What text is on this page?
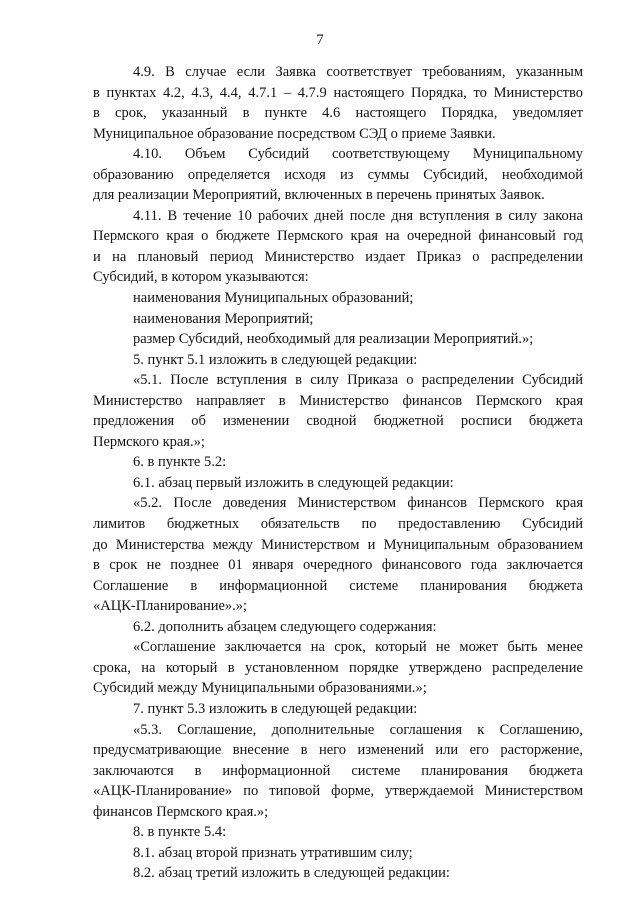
7
4.9. В случае если Заявка соответствует требованиям, указанным
в пунктах 4.2, 4.3, 4.4, 4.7.1 – 4.7.9 настоящего Порядка, то Министерство
в срок, указанный в пункте 4.6 настоящего Порядка, уведомляет
Муниципальное образование посредством СЭД о приеме Заявки.
4.10. Объем Субсидий соответствующему Муниципальному
образованию определяется исходя из суммы Субсидий, необходимой
для реализации Мероприятий, включенных в перечень принятых Заявок.
4.11. В течение 10 рабочих дней после дня вступления в силу закона
Пермского края о бюджете Пермского края на очередной финансовый год
и на плановый период Министерство издает Приказ о распределении
Субсидий, в котором указываются:
наименования Муниципальных образований;
наименования Мероприятий;
размер Субсидий, необходимый для реализации Мероприятий.»;
5. пункт 5.1 изложить в следующей редакции:
«5.1. После вступления в силу Приказа о распределении Субсидий
Министерство направляет в Министерство финансов Пермского края
предложения об изменении сводной бюджетной росписи бюджета
Пермского края.»;
6. в пункте 5.2:
6.1. абзац первый изложить в следующей редакции:
«5.2. После доведения Министерством финансов Пермского края
лимитов бюджетных обязательств по предоставлению Субсидий
до Министерства между Министерством и Муниципальным образованием
в срок не позднее 01 января очередного финансового года заключается
Соглашение в информационной системе планирования бюджета
«АЦК-Планирование».»;
6.2. дополнить абзацем следующего содержания:
«Соглашение заключается на срок, который не может быть менее
срока, на который в установленном порядке утверждено распределение
Субсидий между Муниципальными образованиями.»;
7. пункт 5.3 изложить в следующей редакции:
«5.3. Соглашение, дополнительные соглашения к Соглашению,
предусматривающие внесение в него изменений или его расторжение,
заключаются в информационной системе планирования бюджета
«АЦК-Планирование» по типовой форме, утверждаемой Министерством
финансов Пермского края.»;
8. в пункте 5.4:
8.1. абзац второй признать утратившим силу;
8.2. абзац третий изложить в следующей редакции:
